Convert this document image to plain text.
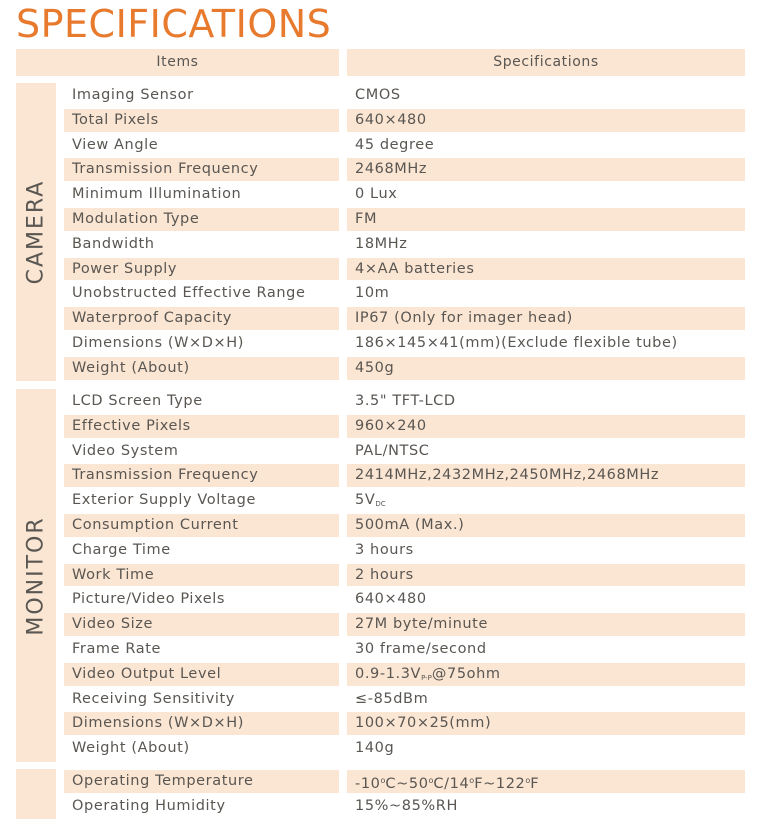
SPECIFICATIONS
Items	Specifications
CAMERA
Imaging Sensor	CMOS
Total Pixels	640×480
View Angle	45 degree
Transmission Frequency	2468MHz
Minimum Illumination	0 Lux
Modulation Type	FM
Bandwidth	18MHz
Power Supply	4×AA batteries
Unobstructed Effective Range	10m
Waterproof Capacity	IP67 (Only for imager head)
Dimensions (W×D×H)	186×145×41(mm)(Exclude flexible tube)
Weight (About)	450g
MONITOR
LCD Screen Type	3.5" TFT-LCD
Effective Pixels	960×240
Video System	PAL/NTSC
Transmission Frequency	2414MHz,2432MHz,2450MHz,2468MHz
Exterior Supply Voltage	$5V_{DC}$
Consumption Current	500mA (Max.)
Charge Time	3 hours
Work Time	2 hours
Picture/Video Pixels	640×480
Video Size	27M byte/minute
Frame Rate	30 frame/second
Video Output Level	$0.9-1.3V_{P-P}@75ohm$
Receiving Sensitivity	≤-85dBm
Dimensions (W×D×H)	100×70×25(mm)
Weight (About)	140g
Operating Temperature	-10$^o$C~50$^o$C/14$^o$F~122$^o$F
Operating Humidity	15%~85%RH
